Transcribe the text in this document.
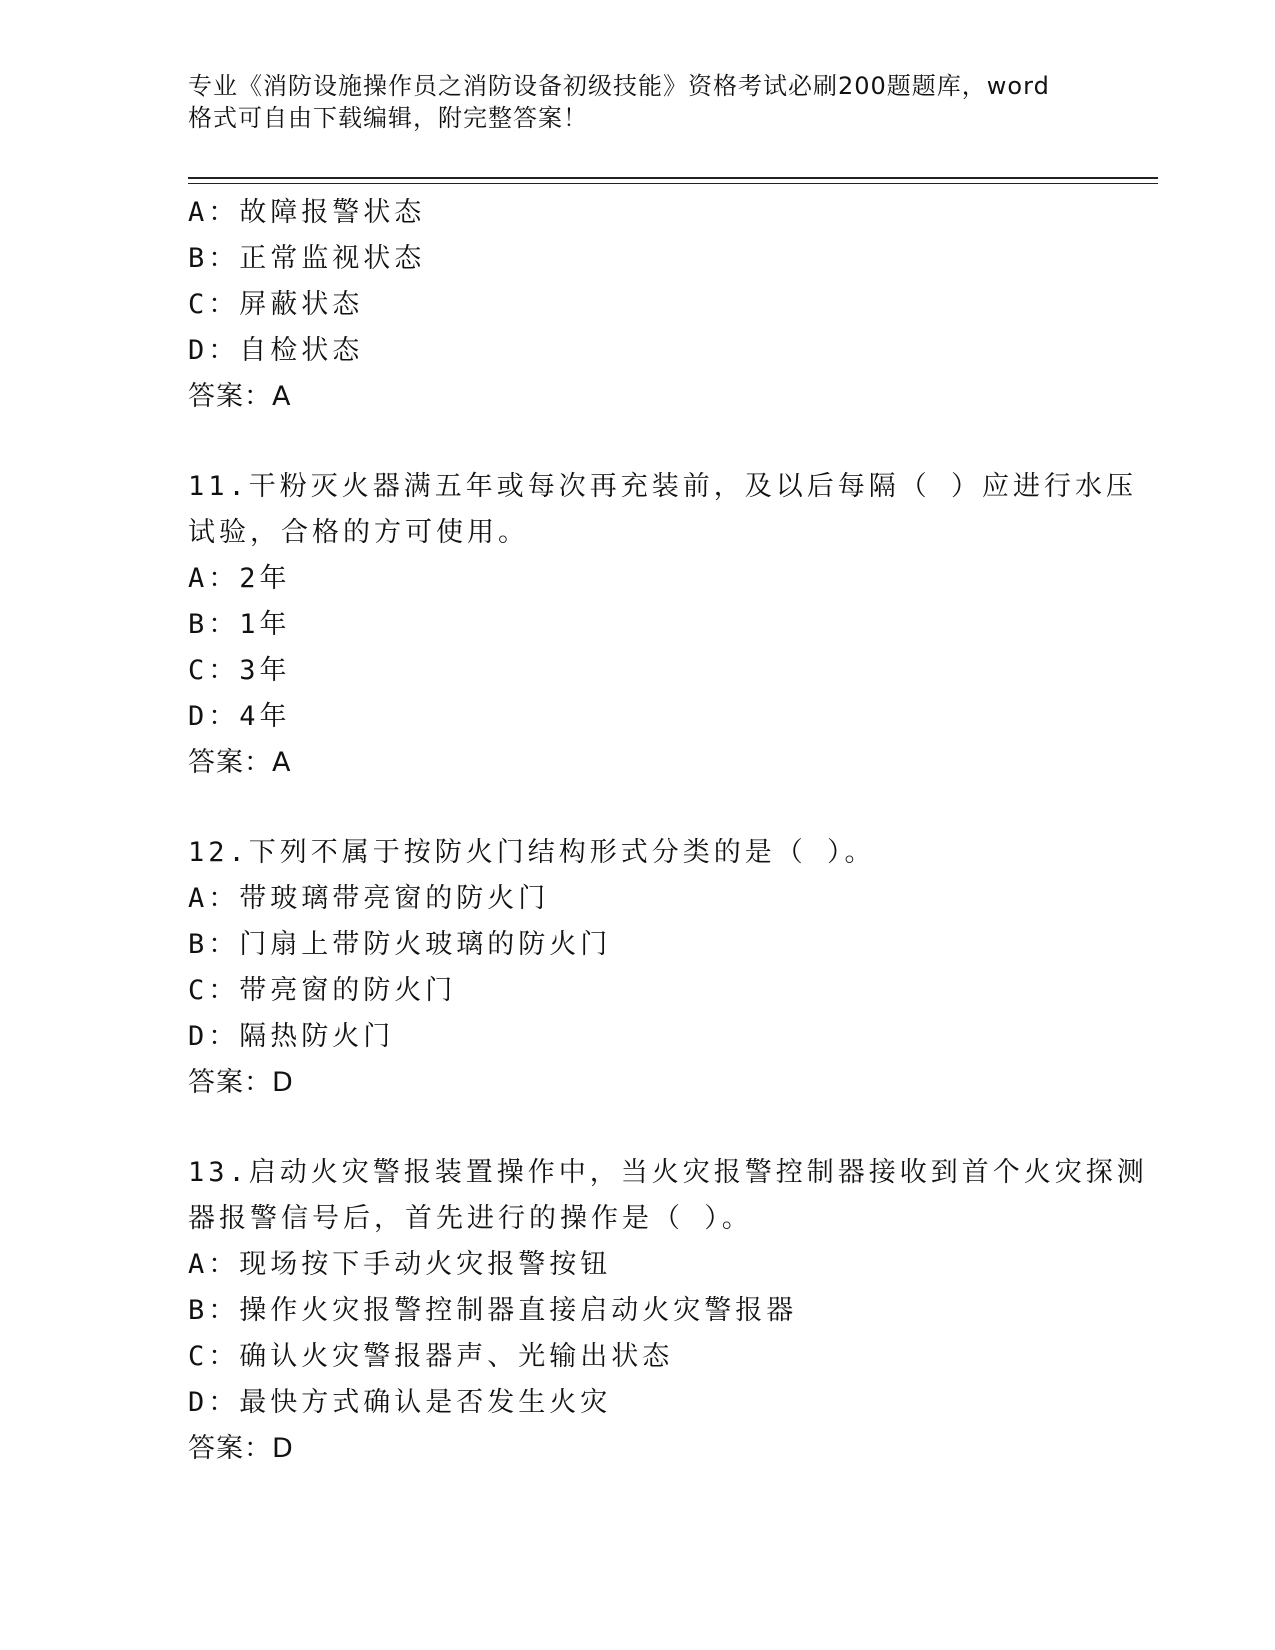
专业《消防设施操作员之消防设备初级技能》资格考试必刷200题题库，word格式可自由下载编辑，附完整答案！
A：故障报警状态
B：正常监视状态
C：屏蔽状态
D：自检状态
答案：A
11.干粉灭火器满五年或每次再充装前，及以后每隔（ ）应进行水压
试验，合格的方可使用。
A：2年
B：1年
C：3年
D：4年
答案：A
12.下列不属于按防火门结构形式分类的是（ ）。
A：带玻璃带亮窗的防火门
B：门扇上带防火玻璃的防火门
C：带亮窗的防火门
D：隔热防火门
答案：D
13.启动火灾警报装置操作中，当火灾报警控制器接收到首个火灾探测
器报警信号后，首先进行的操作是（ ）。
A：现场按下手动火灾报警按钮
B：操作火灾报警控制器直接启动火灾警报器
C：确认火灾警报器声、光输出状态
D：最快方式确认是否发生火灾
答案：D
